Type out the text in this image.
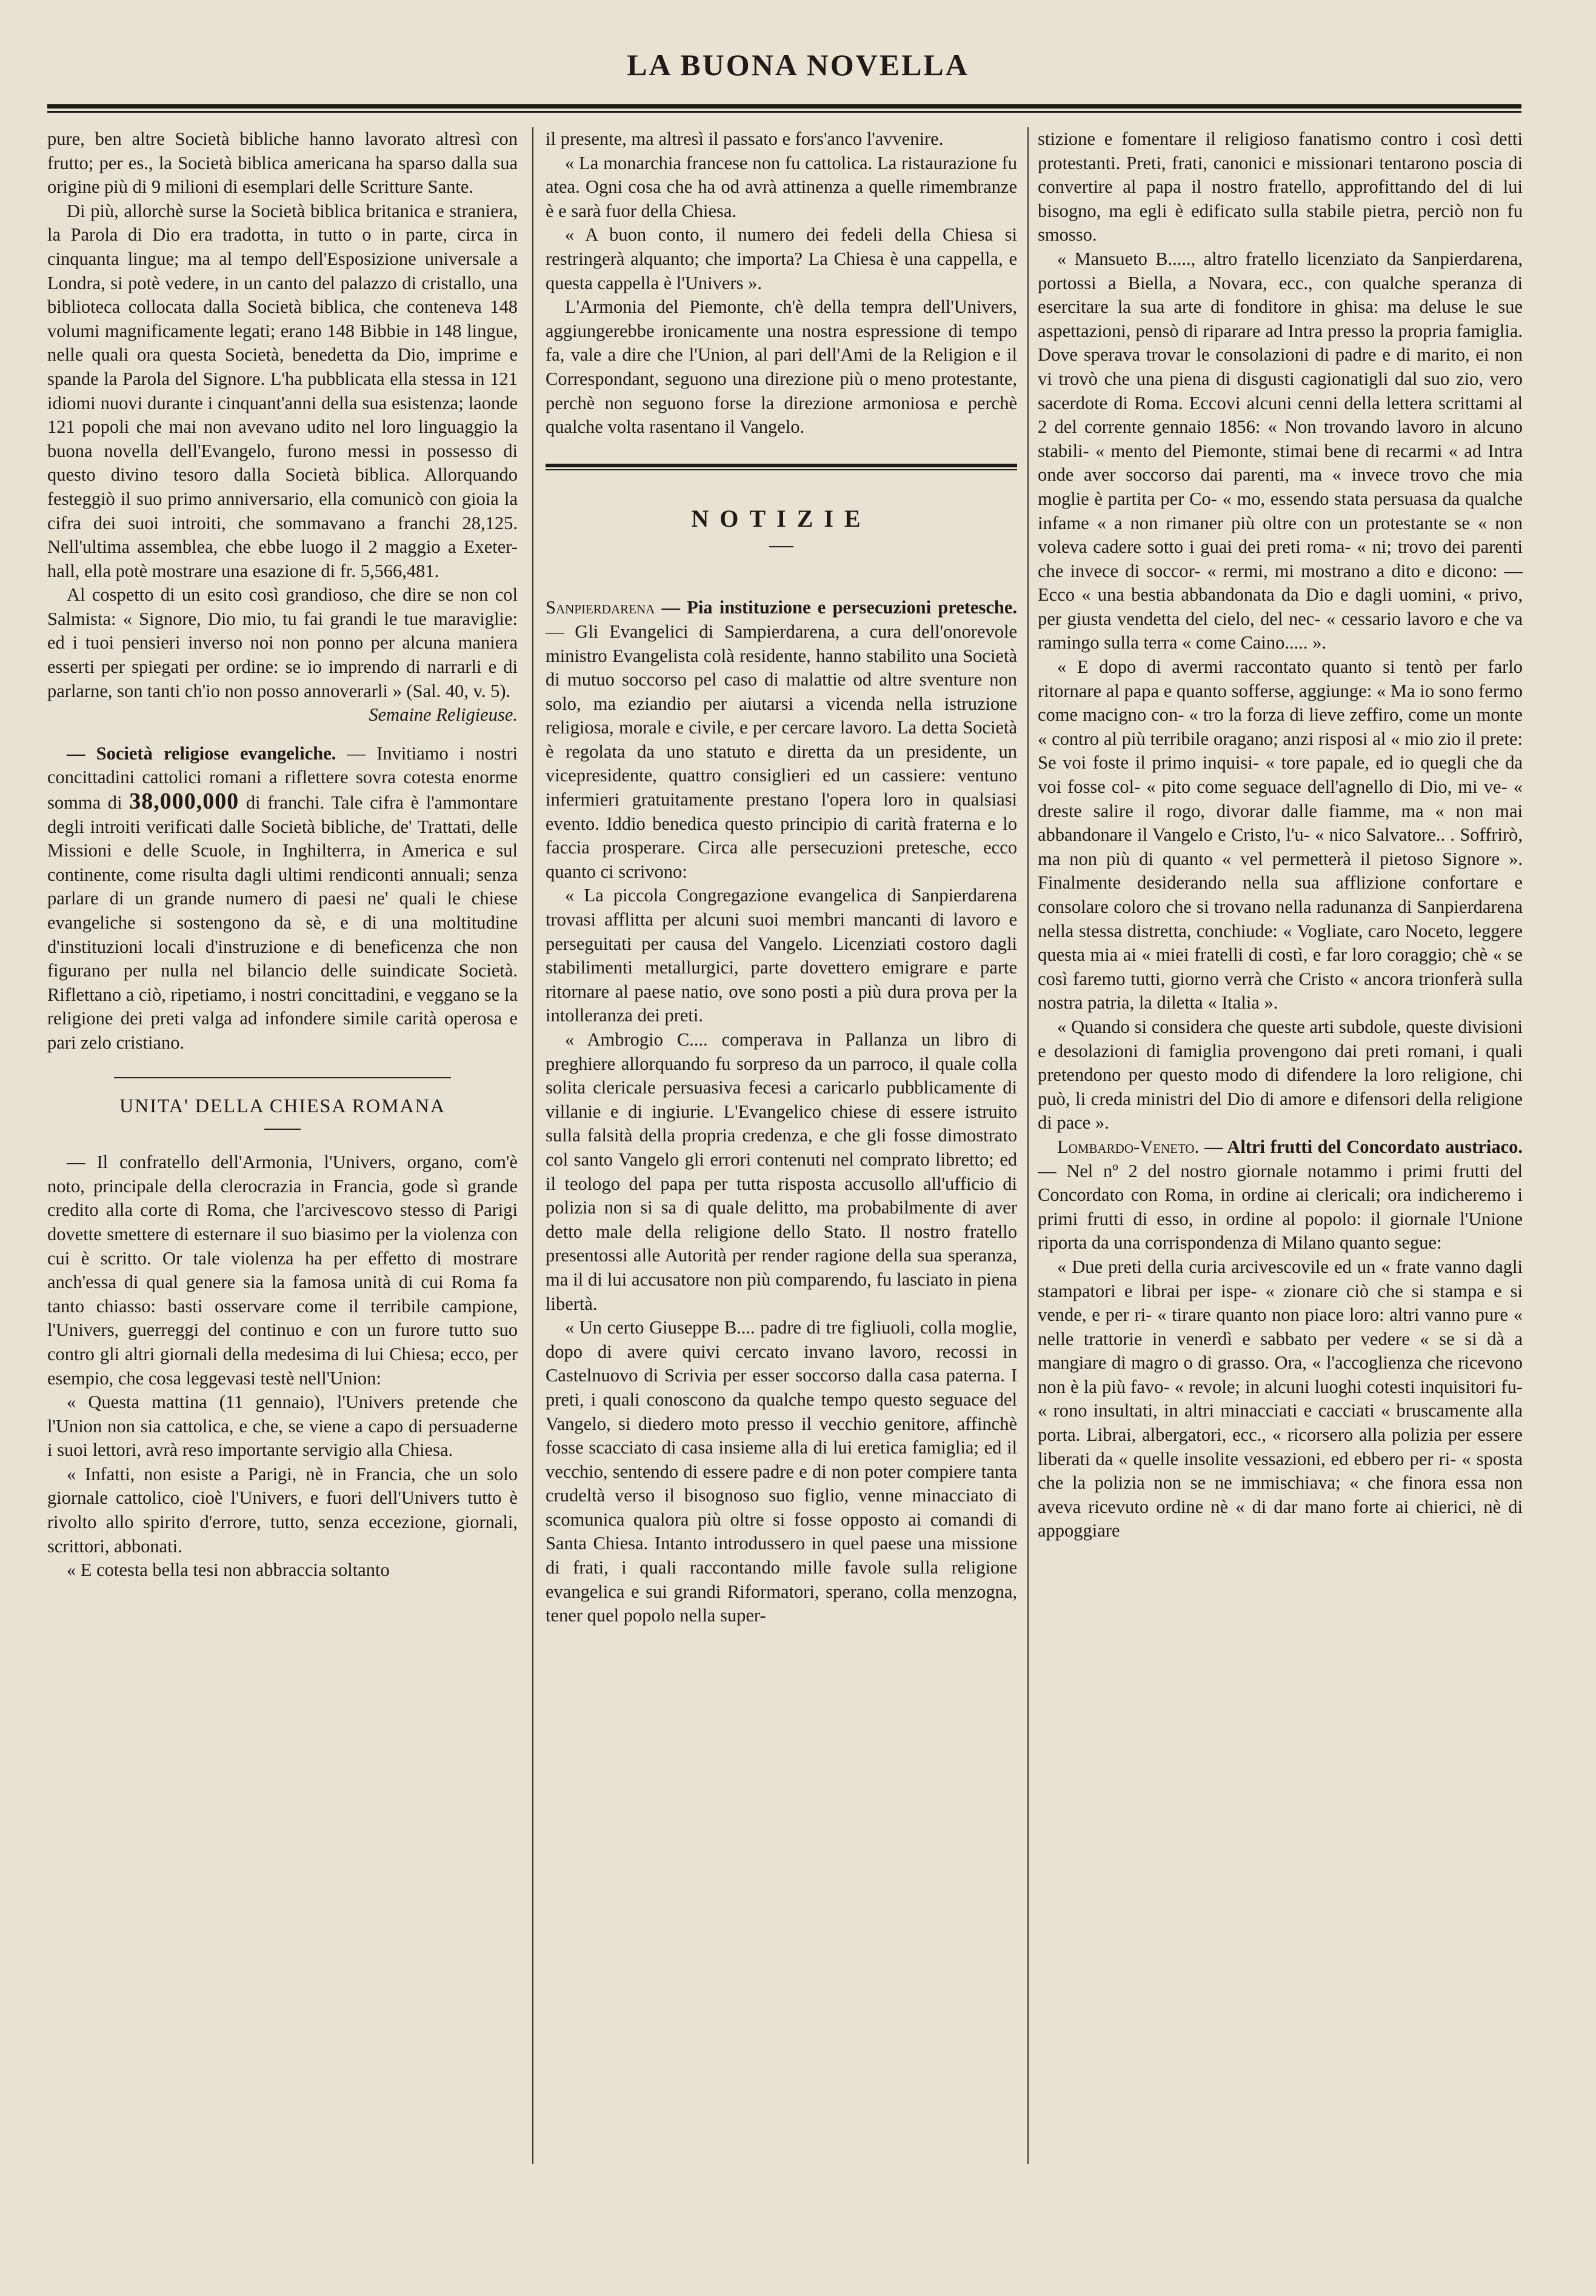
LA BUONA NOVELLA

pure, ben altre Società bibliche hanno lavorato altresì con frutto; per es., la Società biblica americana ha sparso dalla sua origine più di 9 milioni di esemplari delle Scritture Sante.

Di più, allorchè surse la Società biblica britanica e straniera, la Parola di Dio era tradotta, in tutto o in parte, circa in cinquanta lingue; ma al tempo dell'Esposizione universale a Londra, si potè vedere, in un canto del palazzo di cristallo, una biblioteca collocata dalla Società biblica, che conteneva 148 volumi magnificamente legati; erano 148 Bibbie in 148 lingue, nelle quali ora questa Società, benedetta da Dio, imprime e spande la Parola del Signore. L'ha pubblicata ella stessa in 121 idiomi nuovi durante i cinquant'anni della sua esistenza; laonde 121 popoli che mai non avevano udito nel loro linguaggio la buona novella dell'Evangelo, furono messi in possesso di questo divino tesoro dalla Società biblica. Allorquando festeggiò il suo primo anniversario, ella comunicò con gioia la cifra dei suoi introiti, che sommavano a franchi 28,125. Nell'ultima assemblea, che ebbe luogo il 2 maggio a Exeter-hall, ella potè mostrare una esazione di fr. 5,566,481.

Al cospetto di un esito così grandioso, che dire se non col Salmista: « Signore, Dio mio, tu fai grandi le tue maraviglie: ed i tuoi pensieri inverso noi non ponno per alcuna maniera esserti per spiegati per ordine: se io imprendo di narrarli e di parlarne, son tanti ch'io non posso annoverarli » (Sal. 40, v. 5).

Semaine Religieuse.

— Società religiose evangeliche. — Invitiamo i nostri concittadini cattolici romani a riflettere sovra cotesta enorme somma di 38,000,000 di franchi. Tale cifra è l'ammontare degli introiti verificati dalle Società bibliche, de' Trattati, delle Missioni e delle Scuole, in Inghilterra, in America e sul continente, come risulta dagli ultimi rendiconti annuali; senza parlare di un grande numero di paesi ne' quali le chiese evangeliche si sostengono da sè, e di una moltitudine d'instituzioni locali d'instruzione e di beneficenza che non figurano per nulla nel bilancio delle suindicate Società. Riflettano a ciò, ripetiamo, i nostri concittadini, e veggano se la religione dei preti valga ad infondere simile carità operosa e pari zelo cristiano.

UNITA' DELLA CHIESA ROMANA

— Il confratello dell'Armonia, l'Univers, organo, com'è noto, principale della clerocrazia in Francia, gode sì grande credito alla corte di Roma, che l'arcivescovo stesso di Parigi dovette smettere di esternare il suo biasimo per la violenza con cui è scritto. Or tale violenza ha per effetto di mostrare anch'essa di qual genere sia la famosa unità di cui Roma fa tanto chiasso: basti osservare come il terribile campione, l'Univers, guerreggi del continuo e con un furore tutto suo contro gli altri giornali della medesima di lui Chiesa; ecco, per esempio, che cosa leggevasi testè nell'Union:

« Questa mattina (11 gennaio), l'Univers pretende che l'Union non sia cattolica, e che, se viene a capo di persuaderne i suoi lettori, avrà reso importante servigio alla Chiesa.

« Infatti, non esiste a Parigi, nè in Francia, che un solo giornale cattolico, cioè l'Univers, e fuori dell'Univers tutto è rivolto allo spirito d'errore, tutto, senza eccezione, giornali, scrittori, abbonati.

« E cotesta bella tesi non abbraccia soltanto

il presente, ma altresì il passato e fors'anco l'avvenire.

« La monarchia francese non fu cattolica. La ristaurazione fu atea. Ogni cosa che ha od avrà attinenza a quelle rimembranze è e sarà fuor della Chiesa.

« A buon conto, il numero dei fedeli della Chiesa si restringerà alquanto; che importa? La Chiesa è una cappella, e questa cappella è l'Univers ».

L'Armonia del Piemonte, ch'è della tempra dell'Univers, aggiungerebbe ironicamente una nostra espressione di tempo fa, vale a dire che l'Union, al pari dell'Ami de la Religion e il Correspondant, seguono una direzione più o meno protestante, perchè non seguono forse la direzione armoniosa e perchè qualche volta rasentano il Vangelo.

NOTIZIE

Sanpierdarena — Pia instituzione e persecuzioni pretesche. — Gli Evangelici di Sampierdarena, a cura dell'onorevole ministro Evangelista colà residente, hanno stabilito una Società di mutuo soccorso pel caso di malattie od altre sventure non solo, ma eziandio per aiutarsi a vicenda nella istruzione religiosa, morale e civile, e per cercare lavoro. La detta Società è regolata da uno statuto e diretta da un presidente, un vicepresidente, quattro consiglieri ed un cassiere: ventuno infermieri gratuitamente prestano l'opera loro in qualsiasi evento. Iddio benedica questo principio di carità fraterna e lo faccia prosperare. Circa alle persecuzioni pretesche, ecco quanto ci scrivono:

« La piccola Congregazione evangelica di Sanpierdarena trovasi afflitta per alcuni suoi membri mancanti di lavoro e perseguitati per causa del Vangelo. Licenziati costoro dagli stabilimenti metallurgici, parte dovettero emigrare e parte ritornare al paese natio, ove sono posti a più dura prova per la intolleranza dei preti.

« Ambrogio C.... comperava in Pallanza un libro di preghiere allorquando fu sorpreso da un parroco, il quale colla solita clericale persuasiva fecesi a caricarlo pubblicamente di villanie e di ingiurie. L'Evangelico chiese di essere istruito sulla falsità della propria credenza, e che gli fosse dimostrato col santo Vangelo gli errori contenuti nel comprato libretto; ed il teologo del papa per tutta risposta accusollo all'ufficio di polizia non si sa di quale delitto, ma probabilmente di aver detto male della religione dello Stato. Il nostro fratello presentossi alle Autorità per render ragione della sua speranza, ma il di lui accusatore non più comparendo, fu lasciato in piena libertà.

« Un certo Giuseppe B.... padre di tre figliuoli, colla moglie, dopo di avere quivi cercato invano lavoro, recossi in Castelnuovo di Scrivia per esser soccorso dalla casa paterna. I preti, i quali conoscono da qualche tempo questo seguace del Vangelo, si diedero moto presso il vecchio genitore, affinchè fosse scacciato di casa insieme alla di lui eretica famiglia; ed il vecchio, sentendo di essere padre e di non poter compiere tanta crudeltà verso il bisognoso suo figlio, venne minacciato di scomunica qualora più oltre si fosse opposto ai comandi di Santa Chiesa. Intanto introdussero in quel paese una missione di frati, i quali raccontando mille favole sulla religione evangelica e sui grandi Riformatori, sperano, colla menzogna, tener quel popolo nella super-

stizione e fomentare il religioso fanatismo contro i così detti protestanti. Preti, frati, canonici e missionari tentarono poscia di convertire al papa il nostro fratello, approfittando del di lui bisogno, ma egli è edificato sulla stabile pietra, perciò non fu smosso.

« Mansueto B....., altro fratello licenziato da Sanpierdarena, portossi a Biella, a Novara, ecc., con qualche speranza di esercitare la sua arte di fonditore in ghisa: ma deluse le sue aspettazioni, pensò di riparare ad Intra presso la propria famiglia. Dove sperava trovar le consolazioni di padre e di marito, ei non vi trovò che una piena di disgusti cagionatigli dal suo zio, vero sacerdote di Roma. Eccovi alcuni cenni della lettera scrittami al 2 del corrente gennaio 1856: « Non trovando lavoro in alcuno stabili- « mento del Piemonte, stimai bene di recarmi « ad Intra onde aver soccorso dai parenti, ma « invece trovo che mia moglie è partita per Co- « mo, essendo stata persuasa da qualche infame « a non rimaner più oltre con un protestante se « non voleva cadere sotto i guai dei preti roma- « ni; trovo dei parenti che invece di soccor- « rermi, mi mostrano a dito e dicono: — Ecco « una bestia abbandonata da Dio e dagli uomini, « privo, per giusta vendetta del cielo, del nec- « cessario lavoro e che va ramingo sulla terra « come Caino..... ».

« E dopo di avermi raccontato quanto si tentò per farlo ritornare al papa e quanto sofferse, aggiunge: « Ma io sono fermo come macigno con- « tro la forza di lieve zeffiro, come un monte « contro al più terribile oragano; anzi risposi al « mio zio il prete: Se voi foste il primo inquisi- « tore papale, ed io quegli che da voi fosse col- « pito come seguace dell'agnello di Dio, mi ve- « dreste salire il rogo, divorar dalle fiamme, ma « non mai abbandonare il Vangelo e Cristo, l'u- « nico Salvatore.. . Soffrirò, ma non più di quanto « vel permetterà il pietoso Signore ». Finalmente desiderando nella sua afflizione confortare e consolare coloro che si trovano nella radunanza di Sanpierdarena nella stessa distretta, conchiude: « Vogliate, caro Noceto, leggere questa mia ai « miei fratelli di costì, e far loro coraggio; chè « se così faremo tutti, giorno verrà che Cristo « ancora trionferà sulla nostra patria, la diletta « Italia ».

« Quando si considera che queste arti subdole, queste divisioni e desolazioni di famiglia provengono dai preti romani, i quali pretendono per questo modo di difendere la loro religione, chi può, li creda ministri del Dio di amore e difensori della religione di pace ».

Lombardo-Veneto. — Altri frutti del Concordato austriaco. — Nel nº 2 del nostro giornale notammo i primi frutti del Concordato con Roma, in ordine ai clericali; ora indicheremo i primi frutti di esso, in ordine al popolo: il giornale l'Unione riporta da una corrispondenza di Milano quanto segue:

« Due preti della curia arcivescovile ed un « frate vanno dagli stampatori e librai per ispe- « zionare ciò che si stampa e si vende, e per ri- « tirare quanto non piace loro: altri vanno pure « nelle trattorie in venerdì e sabbato per vedere « se si dà a mangiare di magro o di grasso. Ora, « l'accoglienza che ricevono non è la più favo- « revole; in alcuni luoghi cotesti inquisitori fu- « rono insultati, in altri minacciati e cacciati « bruscamente alla porta. Librai, albergatori, ecc., « ricorsero alla polizia per essere liberati da « quelle insolite vessazioni, ed ebbero per ri- « sposta che la polizia non se ne immischiava; « che finora essa non aveva ricevuto ordine nè « di dar mano forte ai chierici, nè di appoggiare
